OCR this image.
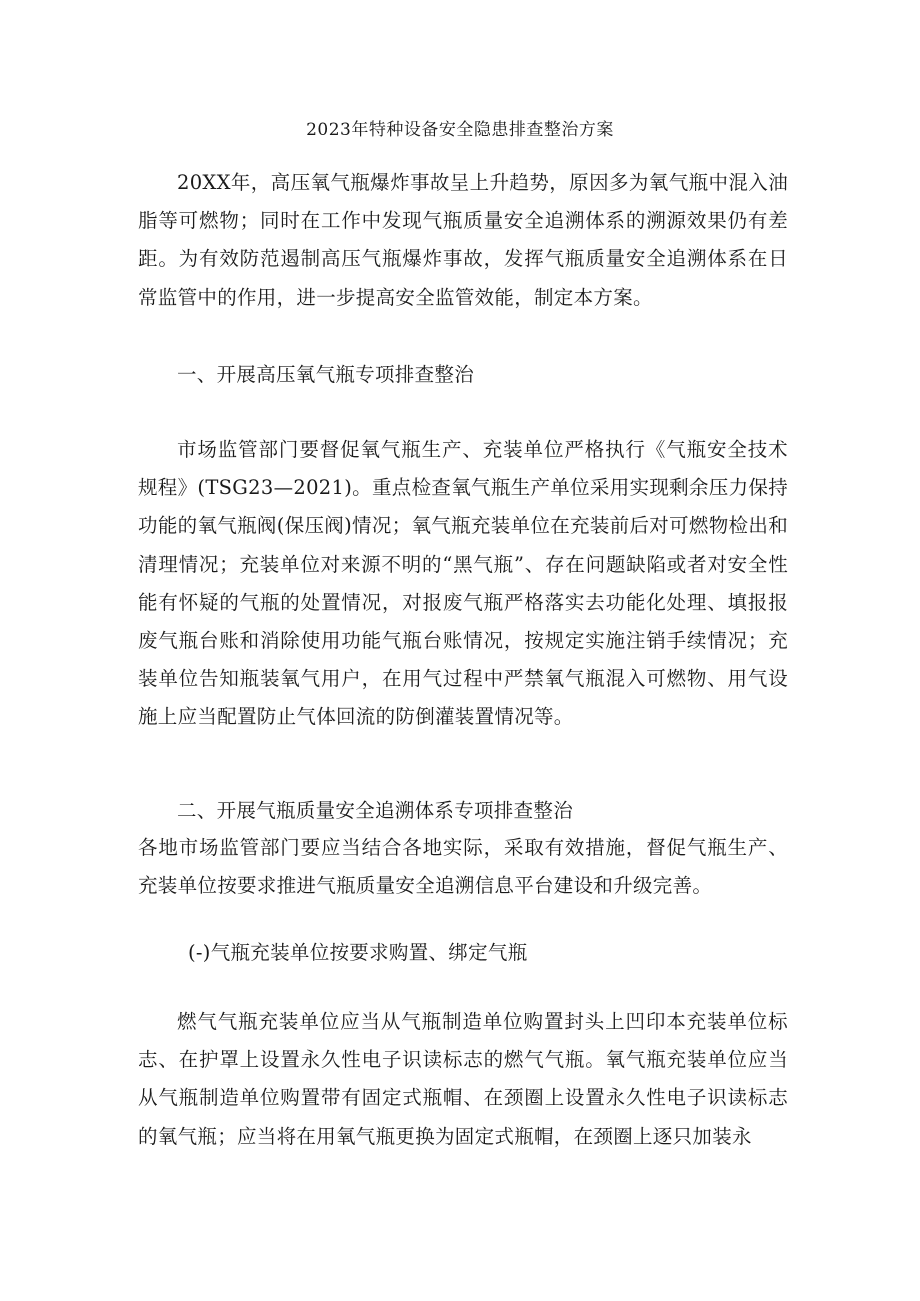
2023年特种设备安全隐患排查整治方案

20XX年，高压氧气瓶爆炸事故呈上升趋势，原因多为氧气瓶中混入油脂等可燃物；同时在工作中发现气瓶质量安全追溯体系的溯源效果仍有差距。为有效防范遏制高压气瓶爆炸事故，发挥气瓶质量安全追溯体系在日常监管中的作用，进一步提高安全监管效能，制定本方案。

一、开展高压氧气瓶专项排查整治

市场监管部门要督促氧气瓶生产、充装单位严格执行《气瓶安全技术规程》(TSG23—2021)。重点检查氧气瓶生产单位采用实现剩余压力保持功能的氧气瓶阀(保压阀)情况；氧气瓶充装单位在充装前后对可燃物检出和清理情况；充装单位对来源不明的“黑气瓶”、存在问题缺陷或者对安全性能有怀疑的气瓶的处置情况，对报废气瓶严格落实去功能化处理、填报报废气瓶台账和消除使用功能气瓶台账情况，按规定实施注销手续情况；充装单位告知瓶装氧气用户，在用气过程中严禁氧气瓶混入可燃物、用气设施上应当配置防止气体回流的防倒灌装置情况等。

二、开展气瓶质量安全追溯体系专项排查整治

各地市场监管部门要应当结合各地实际，采取有效措施，督促气瓶生产、充装单位按要求推进气瓶质量安全追溯信息平台建设和升级完善。

(-)气瓶充装单位按要求购置、绑定气瓶

燃气气瓶充装单位应当从气瓶制造单位购置封头上凹印本充装单位标志、在护罩上设置永久性电子识读标志的燃气气瓶。氧气瓶充装单位应当从气瓶制造单位购置带有固定式瓶帽、在颈圈上设置永久性电子识读标志的氧气瓶；应当将在用氧气瓶更换为固定式瓶帽，在颈圈上逐只加装永
